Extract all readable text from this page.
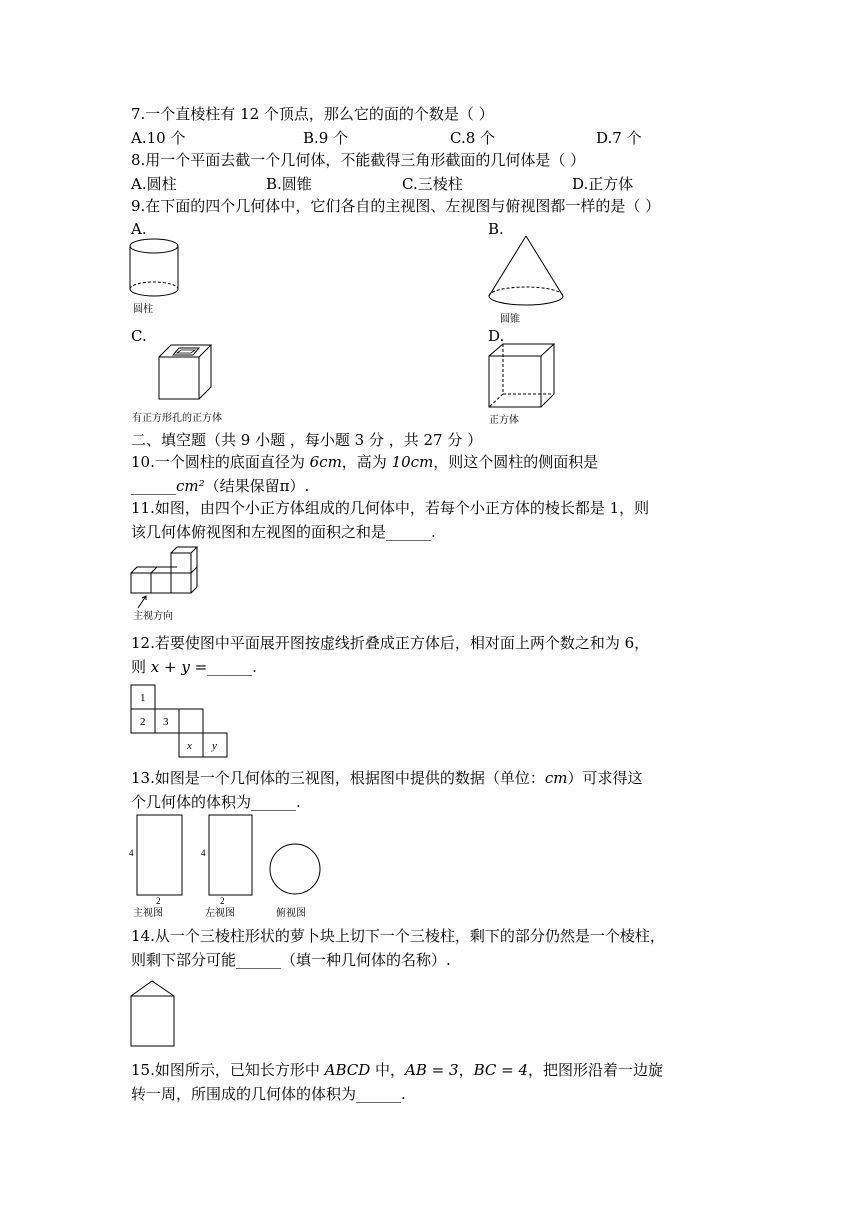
7.一个直棱柱有 12 个顶点，那么它的面的个数是（ ）
A.10 个	B.9 个	C.8 个	D.7 个
8.用一个平面去截一个几何体，不能截得三角形截面的几何体是（ ）
A.圆柱	B.圆锥	C.三棱柱	D.正方体
9.在下面的四个几何体中，它们各自的主视图、左视图与俯视图都一样的是（ ）
A.	B.
圆柱
圆锥
C.	D.
有正方形孔的正方体	正方体
二、填空题（共 9 小题 ，每小题 3 分 ，共 27 分 ）
10.一个圆柱的底面直径为 6cm，高为 10cm，则这个圆柱的侧面积是
______cm²（结果保留π）.
11.如图，由四个小正方体组成的几何体中，若每个小正方体的棱长都是 1，则
该几何体俯视图和左视图的面积之和是______.
主视方向
12.若要使图中平面展开图按虚线折叠成正方体后，相对面上两个数之和为 6，
则 x + y =______.
1
2 3
x y
13.如图是一个几何体的三视图，根据图中提供的数据（单位：cm）可求得这
个几何体的体积为______.
4
2
4
2
主视图	左视图	俯视图
14.从一个三棱柱形状的萝卜块上切下一个三棱柱，剩下的部分仍然是一个棱柱，
则剩下部分可能______（填一种几何体的名称）.
15.如图所示，已知长方形中 ABCD 中，AB = 3，BC = 4，把图形沿着一边旋
转一周，所围成的几何体的体积为______.
